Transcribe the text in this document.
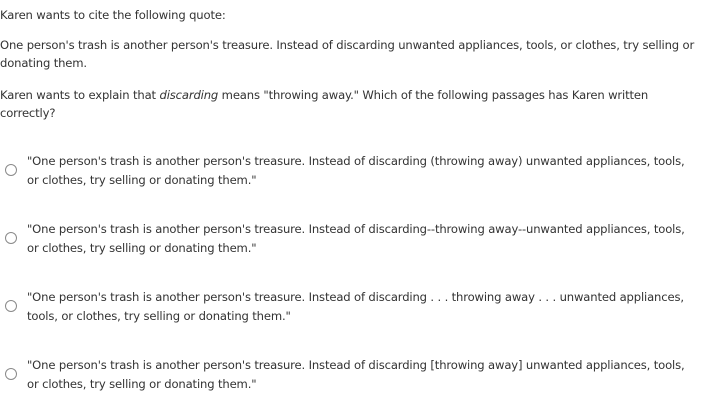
Karen wants to cite the following quote:

One person's trash is another person's treasure. Instead of discarding unwanted appliances, tools, or clothes, try selling or donating them.

Karen wants to explain that discarding means "throwing away." Which of the following passages has Karen written correctly?

"One person's trash is another person's treasure. Instead of discarding (throwing away) unwanted appliances, tools, or clothes, try selling or donating them."

"One person's trash is another person's treasure. Instead of discarding--throwing away--unwanted appliances, tools, or clothes, try selling or donating them."

"One person's trash is another person's treasure. Instead of discarding . . . throwing away . . . unwanted appliances, tools, or clothes, try selling or donating them."

"One person's trash is another person's treasure. Instead of discarding [throwing away] unwanted appliances, tools, or clothes, try selling or donating them."
